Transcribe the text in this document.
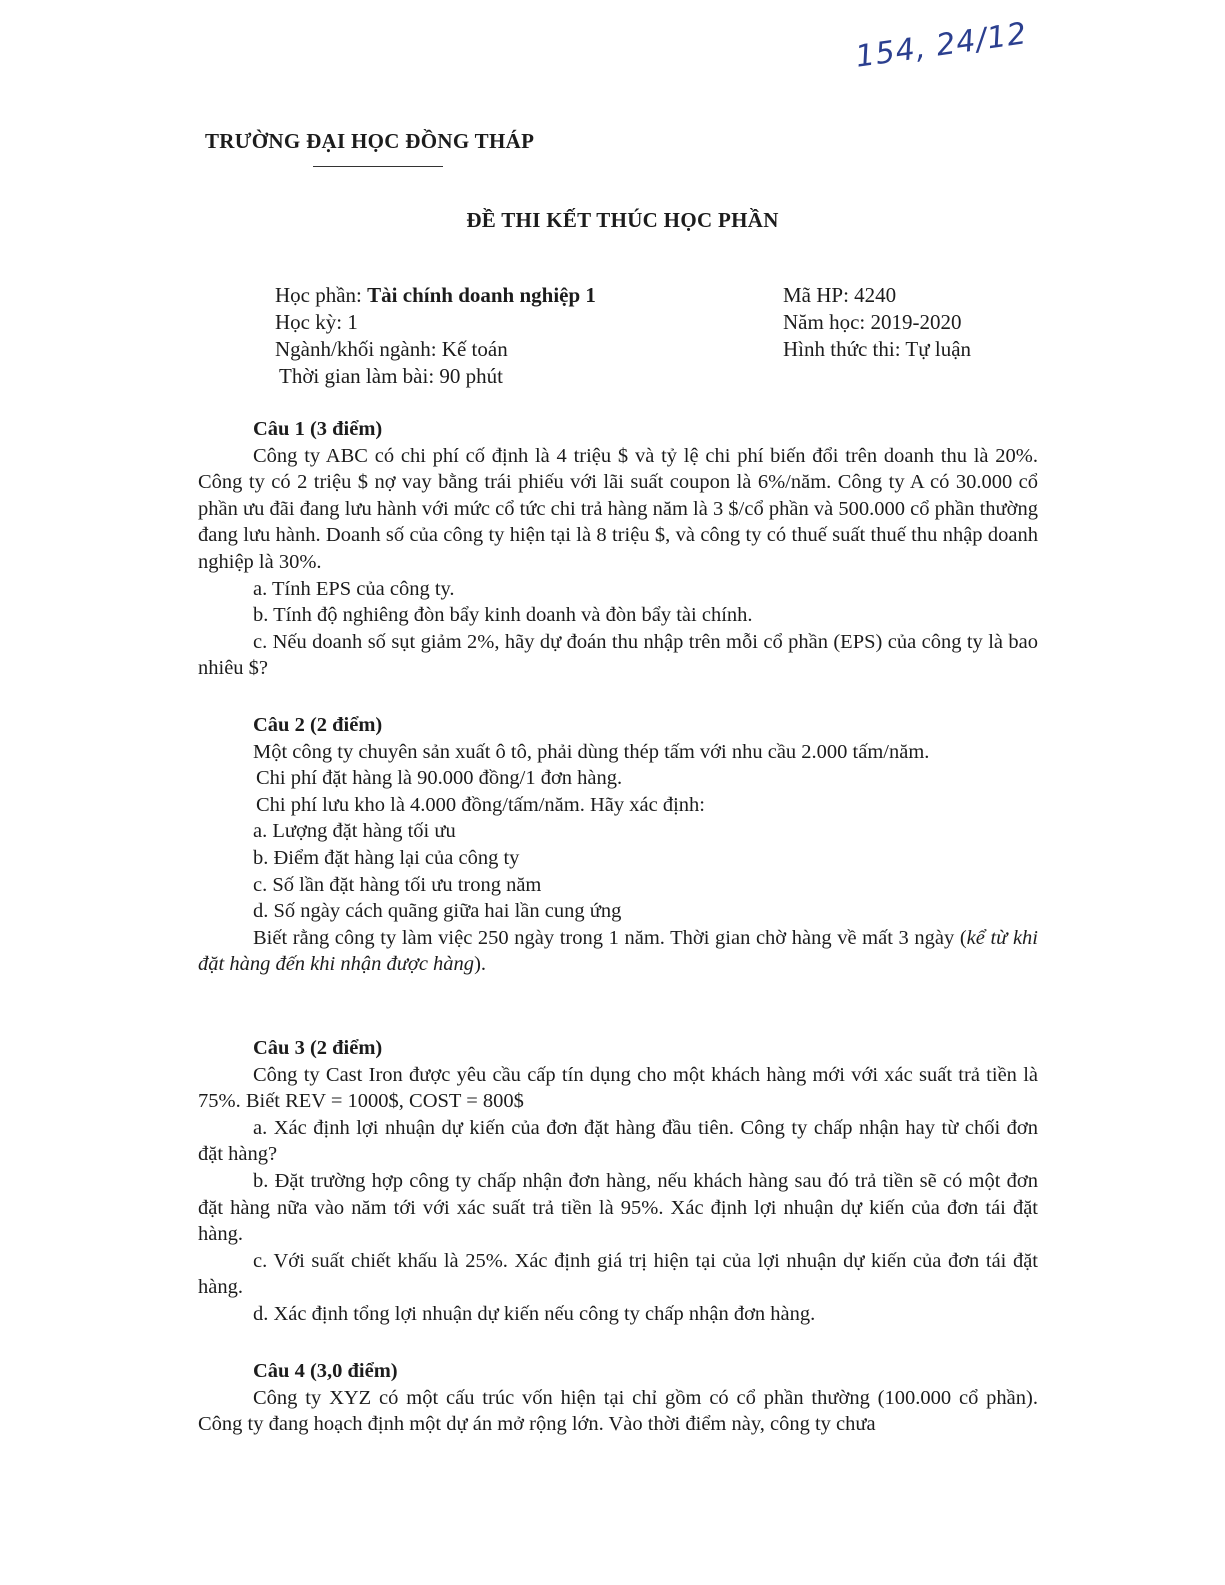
154, 24/12
TRƯỜNG ĐẠI HỌC ĐỒNG THÁP
ĐỀ THI KẾT THÚC HỌC PHẦN
Học phần: Tài chính doanh nghiệp 1
Học kỳ: 1
Ngành/khối ngành: Kế toán
Thời gian làm bài: 90 phút
Mã HP: 4240
Năm học: 2019-2020
Hình thức thi: Tự luận
Câu 1 (3 điểm)
Công ty ABC có chi phí cố định là 4 triệu $ và tỷ lệ chi phí biến đổi trên doanh thu là 20%. Công ty có 2 triệu $ nợ vay bằng trái phiếu với lãi suất coupon là 6%/năm. Công ty A có 30.000 cổ phần ưu đãi đang lưu hành với mức cổ tức chi trả hàng năm là 3 $/cổ phần và 500.000 cổ phần thường đang lưu hành. Doanh số của công ty hiện tại là 8 triệu $, và công ty có thuế suất thuế thu nhập doanh nghiệp là 30%.
a. Tính EPS của công ty.
b. Tính độ nghiêng đòn bẩy kinh doanh và đòn bẩy tài chính.
c. Nếu doanh số sụt giảm 2%, hãy dự đoán thu nhập trên mỗi cổ phần (EPS) của công ty là bao nhiêu $?
Câu 2 (2 điểm)
Một công ty chuyên sản xuất ô tô, phải dùng thép tấm với nhu cầu 2.000 tấm/năm.
Chi phí đặt hàng là 90.000 đồng/1 đơn hàng.
Chi phí lưu kho là 4.000 đồng/tấm/năm. Hãy xác định:
a. Lượng đặt hàng tối ưu
b. Điểm đặt hàng lại của công ty
c. Số lần đặt hàng tối ưu trong năm
d. Số ngày cách quãng giữa hai lần cung ứng
Biết rằng công ty làm việc 250 ngày trong 1 năm. Thời gian chờ hàng về mất 3 ngày (kể từ khi đặt hàng đến khi nhận được hàng).
Câu 3 (2 điểm)
Công ty Cast Iron được yêu cầu cấp tín dụng cho một khách hàng mới với xác suất trả tiền là 75%. Biết REV = 1000$, COST = 800$
a. Xác định lợi nhuận dự kiến của đơn đặt hàng đầu tiên. Công ty chấp nhận hay từ chối đơn đặt hàng?
b. Đặt trường hợp công ty chấp nhận đơn hàng, nếu khách hàng sau đó trả tiền sẽ có một đơn đặt hàng nữa vào năm tới với xác suất trả tiền là 95%. Xác định lợi nhuận dự kiến của đơn tái đặt hàng.
c. Với suất chiết khấu là 25%. Xác định giá trị hiện tại của lợi nhuận dự kiến của đơn tái đặt hàng.
d. Xác định tổng lợi nhuận dự kiến nếu công ty chấp nhận đơn hàng.
Câu 4 (3,0 điểm)
Công ty XYZ có một cấu trúc vốn hiện tại chỉ gồm có cổ phần thường (100.000 cổ phần). Công ty đang hoạch định một dự án mở rộng lớn. Vào thời điểm này, công ty chưa
